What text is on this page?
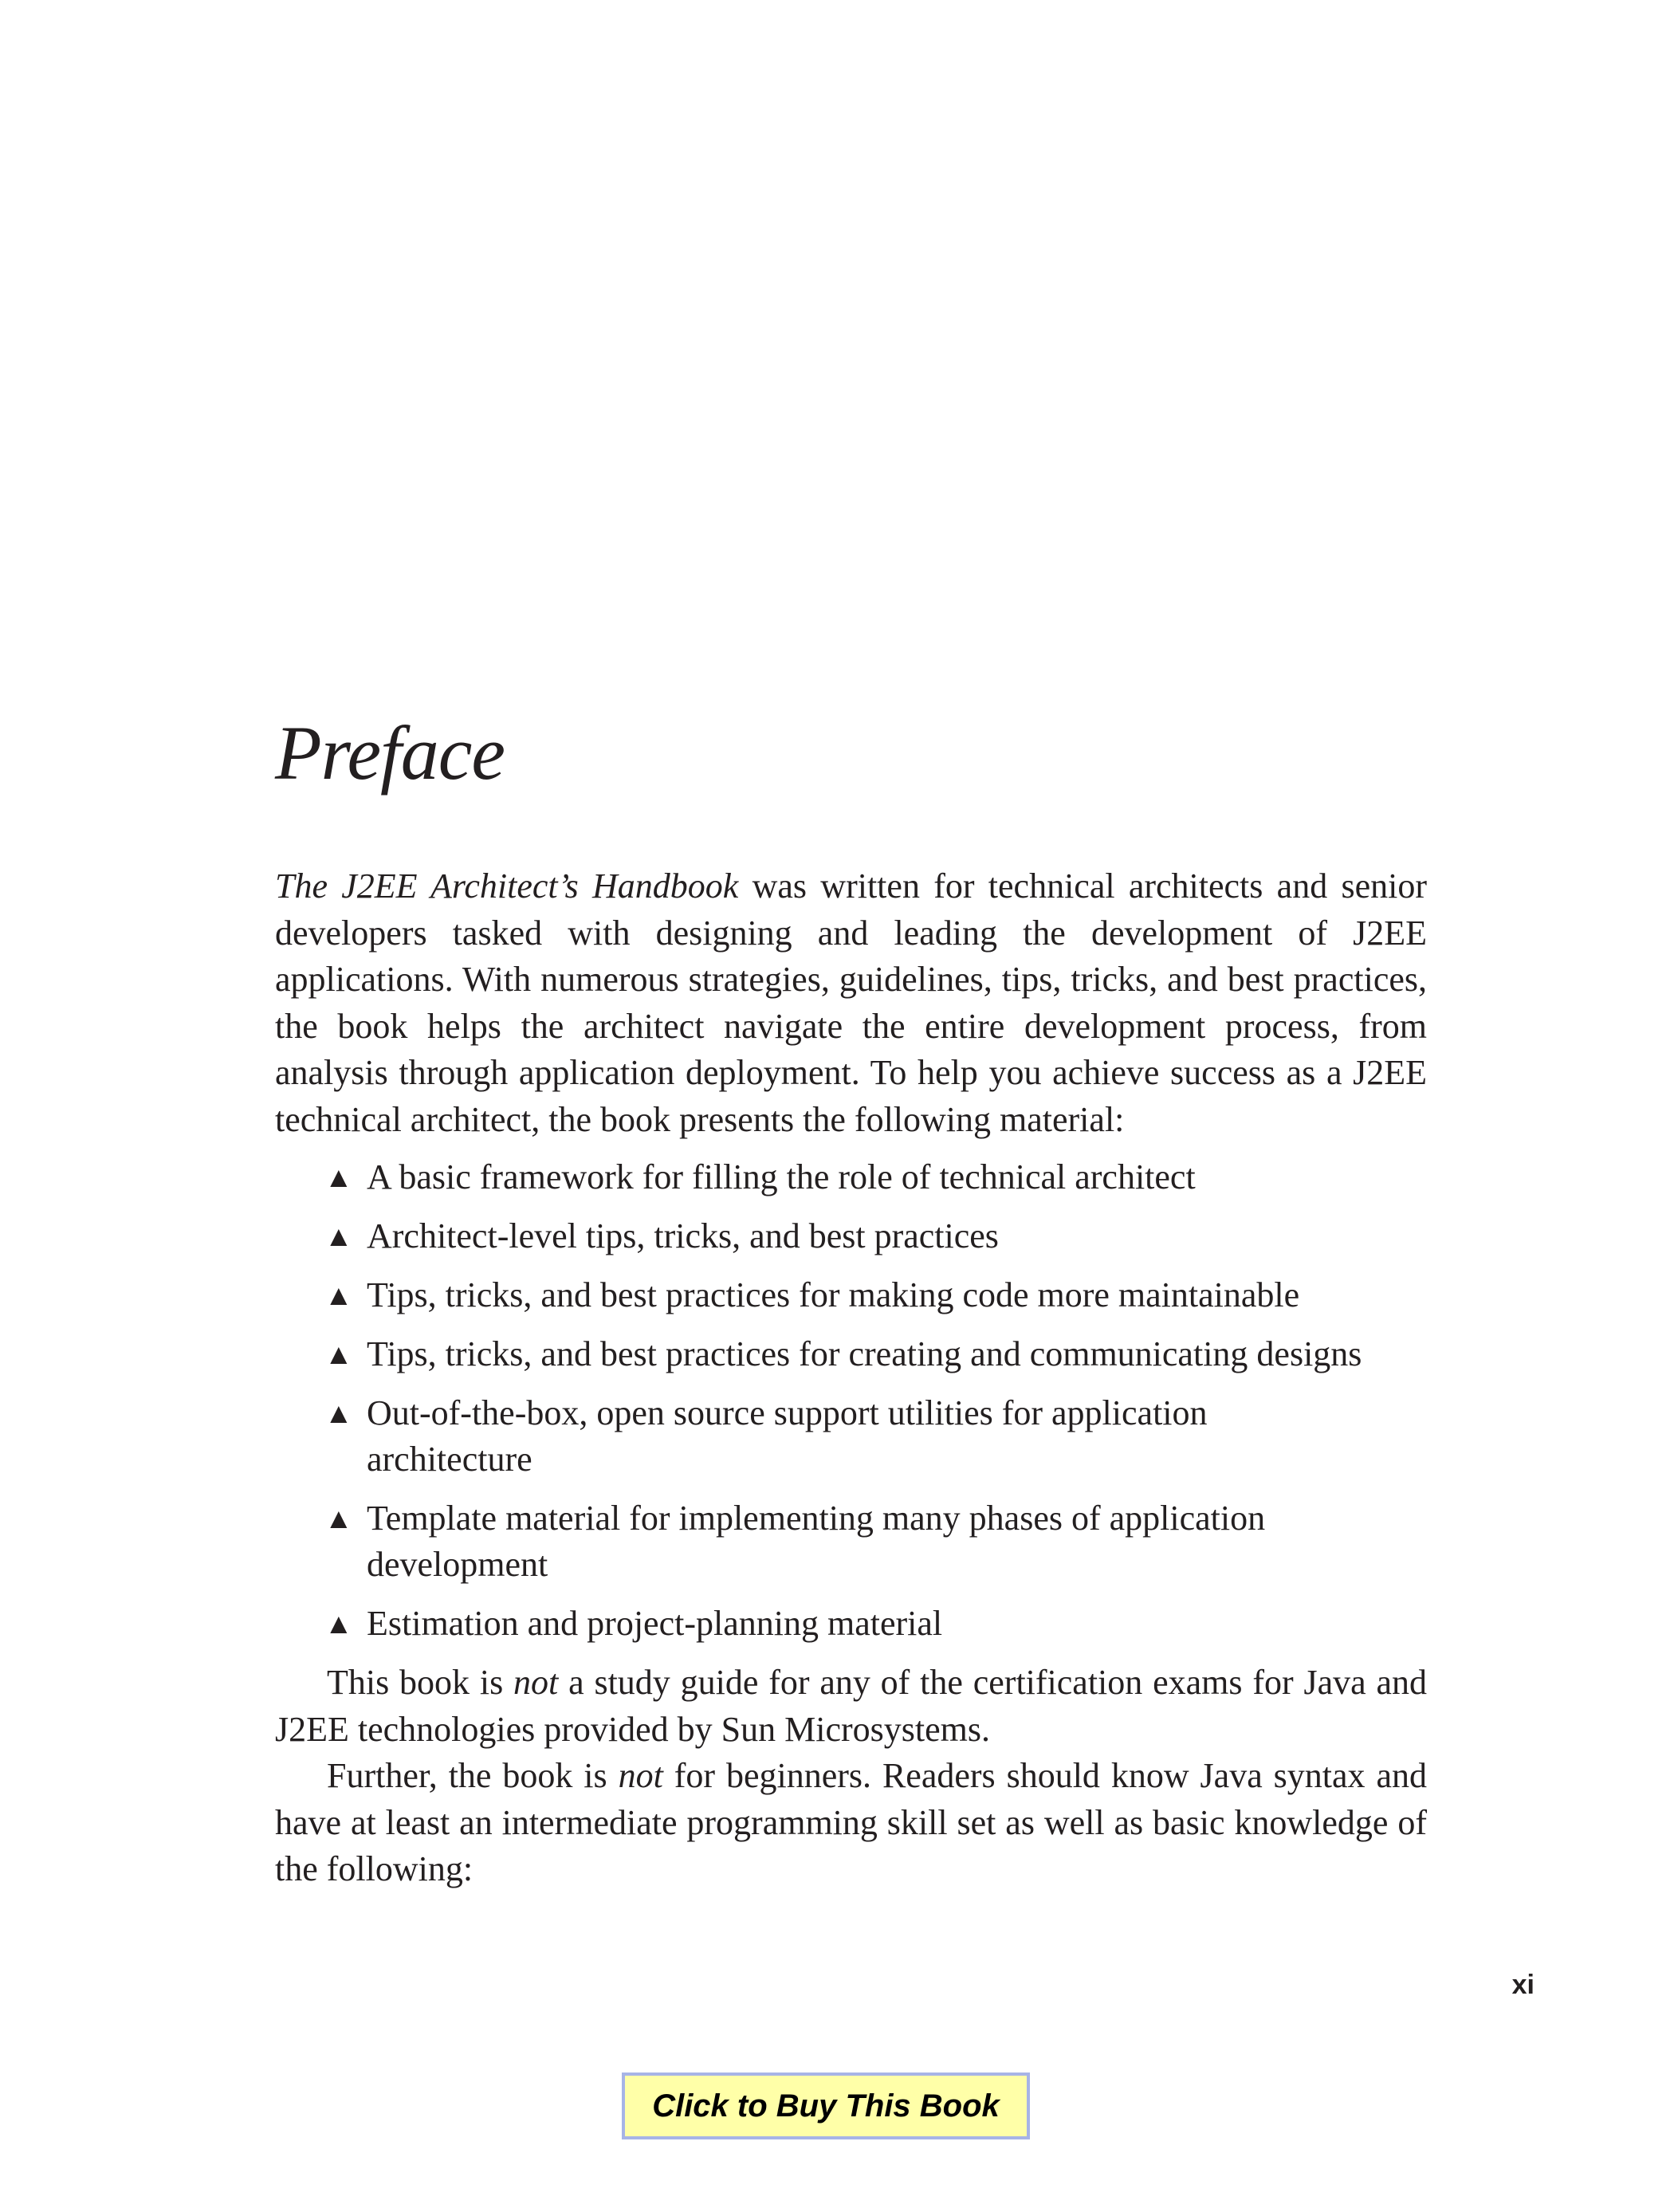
Preface

The J2EE Architect’s Handbook was written for technical architects and senior developers tasked with designing and leading the development of J2EE applications. With numerous strategies, guidelines, tips, tricks, and best practices, the book helps the architect navigate the entire development process, from analysis through application deployment. To help you achieve success as a J2EE technical architect, the book presents the following material:

▲ A basic framework for filling the role of technical architect
▲ Architect-level tips, tricks, and best practices
▲ Tips, tricks, and best practices for making code more maintainable
▲ Tips, tricks, and best practices for creating and communicating designs
▲ Out-of-the-box, open source support utilities for application architecture
▲ Template material for implementing many phases of application development
▲ Estimation and project-planning material

This book is not a study guide for any of the certification exams for Java and J2EE technologies provided by Sun Microsystems.

Further, the book is not for beginners. Readers should know Java syntax and have at least an intermediate programming skill set as well as basic knowledge of the following:

xi
Click to Buy This Book
